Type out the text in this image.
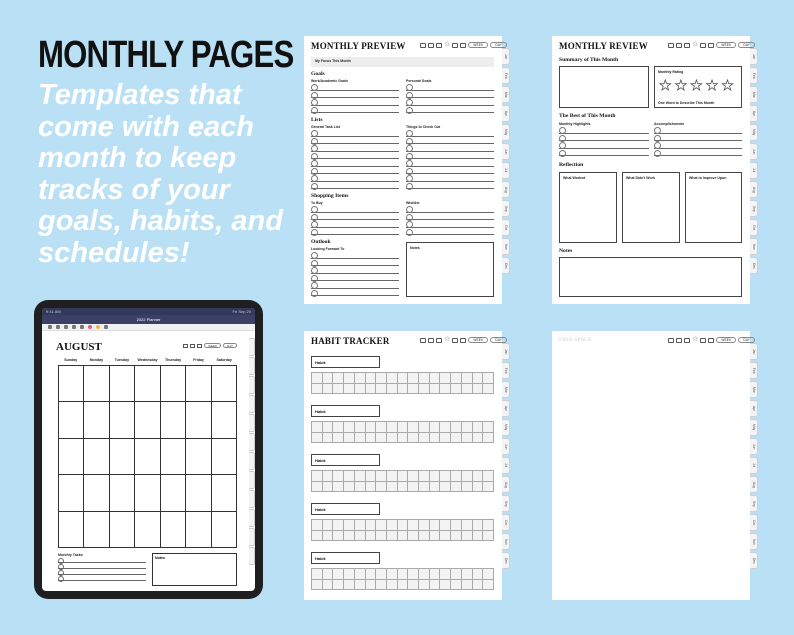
MONTHLY PAGES

Templates that come with each month to keep tracks of your goals, habits, and schedules!

9:41 AM	Fri Sep 20
2022 Planner
AUGUST	WEEK	DAY
Sunday	Monday	Tuesday	Wednesday	Thursday	Friday	Saturday
Monthly Tasks
Notes
MONTHLY PREVIEW	☆	WEEK	DAY
My Focus This Month
Goals
Work/Academic Goals	Personal Goals
Lists
General Task List	Things to Check Out
Shopping Items
To Buy	Wishlist
Outlook
Looking Forward To	Notes
Jan
Feb
Mar
Apr
May
Jun
Jul
Aug
Sep
Oct
Nov
Dec
MONTHLY REVIEW	☆	WEEK	DAY
Summary of This Month
Monthly Rating
★ ★ ★ ★ ★
One Word to Describe This Month
The Best of This Month
Monthly Highlights	Accomplishments
Reflection
What Worked	What Didn't Work	What to Improve Upon
Notes
Jan
Feb
Mar
Apr
May
Jun
Jul
Aug
Sep
Oct
Nov
Dec
HABIT TRACKER	☆	WEEK	DAY
Habit:
Habit:
Habit:
Habit:
Habit:
Jan
Feb
Mar
Apr
May
Jun
Jul
Aug
Sep
Oct
Nov
Dec
FREE SPACE	☆	WEEK	DAY
Jan
Feb
Mar
Apr
May
Jun
Jul
Aug
Sep
Oct
Nov
Dec
